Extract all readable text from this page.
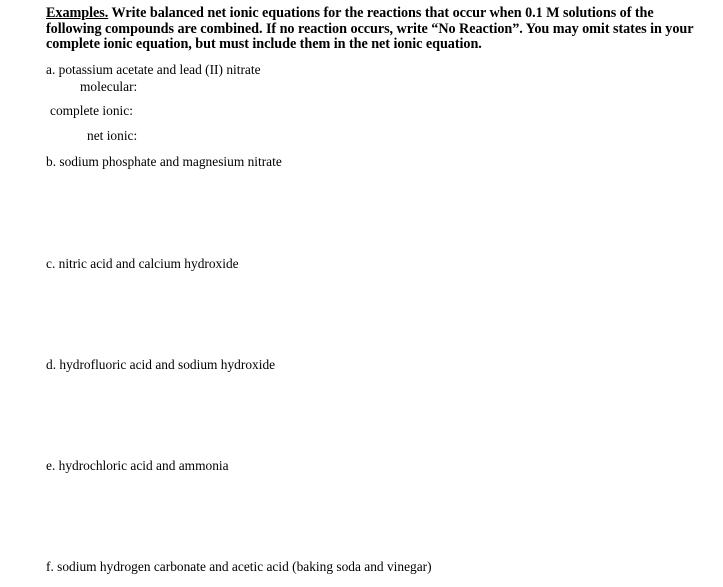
Examples. Write balanced net ionic equations for the reactions that occur when 0.1 M solutions of the following compounds are combined. If no reaction occurs, write “No Reaction”. You may omit states in your complete ionic equation, but must include them in the net ionic equation.
a. potassium acetate and lead (II) nitrate
molecular:
complete ionic:
net ionic:
b. sodium phosphate and magnesium nitrate
c. nitric acid and calcium hydroxide
d. hydrofluoric acid and sodium hydroxide
e. hydrochloric acid and ammonia
f. sodium hydrogen carbonate and acetic acid (baking soda and vinegar)
